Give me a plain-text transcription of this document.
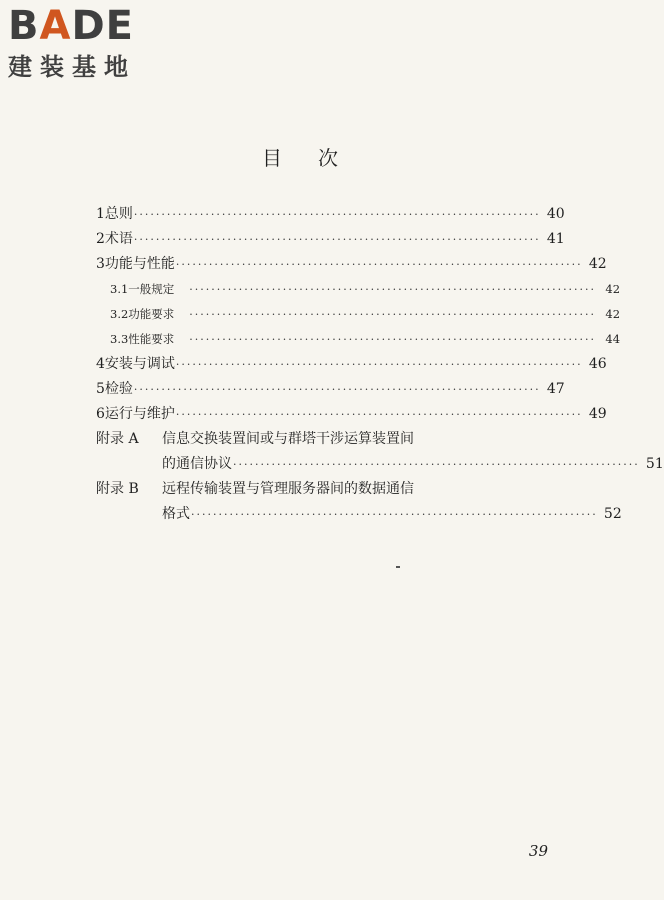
BADE
建装基地
目次
1 总则 ·········································································· 40
2 术语 ·········································································· 41
3 功能与性能 ·········································································· 42
3.1 一般规定 ·········································································· 42
3.2 功能要求 ·········································································· 42
3.3 性能要求 ·········································································· 44
4 安装与调试 ·········································································· 46
5 检验 ·········································································· 47
6 运行与维护 ·········································································· 49
附录 A	信息交换装置间或与群塔干涉运算装置间
的通信协议 ·········································································· 51
附录 B	远程传输装置与管理服务器间的数据通信
格式 ·········································································· 52
39
